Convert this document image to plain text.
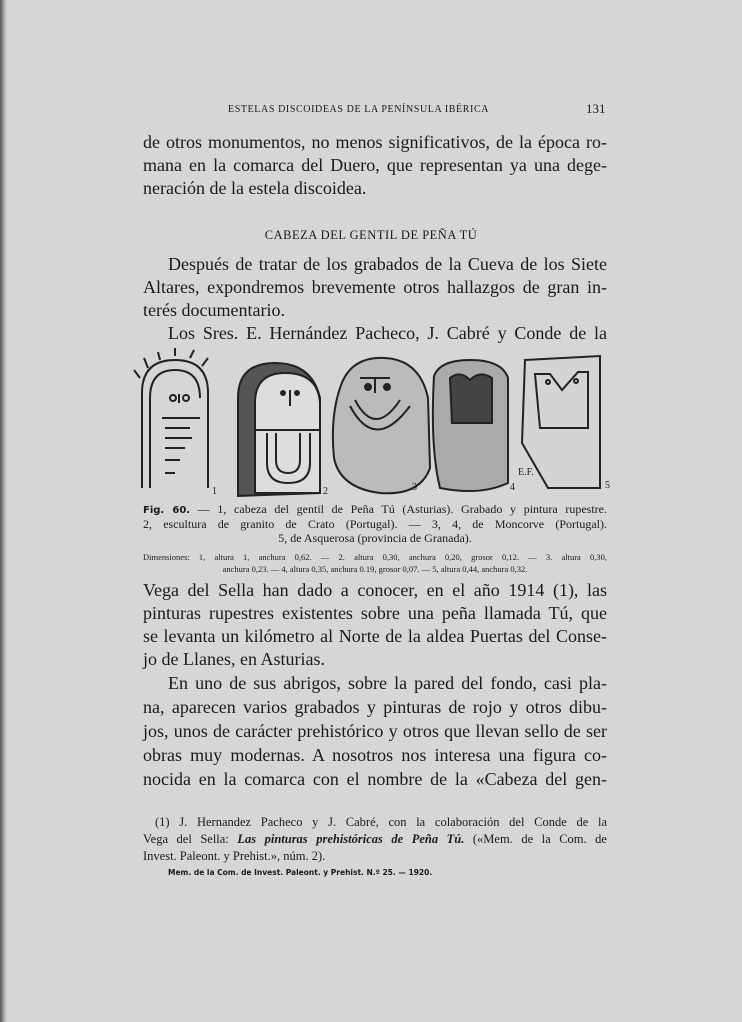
ESTELAS DISCOIDEAS DE LA PENÍNSULA IBÉRICA	131
de otros monumentos, no menos significativos, de la época ro-
mana en la comarca del Duero, que representan ya una dege-
neración de la estela discoidea.
CABEZA DEL GENTIL DE PEÑA TÚ
Después de tratar de los grabados de la Cueva de los Siete
Altares, expondremos brevemente otros hallazgos de gran in-
terés documentario.
Los Sres. E. Hernández Pacheco, J. Cabré y Conde de la
1	2	3	4	5
E.F.
Fig. 60. — 1, cabeza del gentil de Peña Tú (Asturias). Grabado y pintura rupestre.
2, escultura de granito de Crato (Portugal). — 3, 4, de Moncorve (Portugal).
5, de Asquerosa (provincia de Granada).
Dimensiones: 1, altura 1, anchura 0,62. — 2. altura 0,30, anchura 0,20, grosor 0,12. — 3. altura 0,30,
anchura 0,23. — 4, altura 0,35, anchura 0.19, grosor 0,07. — 5, altura 0,44, anchura 0,32.
Vega del Sella han dado a conocer, en el año 1914 (1), las
pinturas rupestres existentes sobre una peña llamada Tú, que
se levanta un kilómetro al Norte de la aldea Puertas del Conse-
jo de Llanes, en Asturias.
En uno de sus abrigos, sobre la pared del fondo, casi pla-
na, aparecen varios grabados y pinturas de rojo y otros dibu-
jos, unos de carácter prehistórico y otros que llevan sello de ser
obras muy modernas. A nosotros nos interesa una figura co-
nocida en la comarca con el nombre de la «Cabeza del gen-
(1) J. Hernandez Pacheco y J. Cabré, con la colaboración del Conde de la
Vega del Sella: Las pinturas prehistóricas de Peña Tú. («Mem. de la Com. de
Invest. Paleont. y Prehist.», núm. 2).
Mem. de la Com. de Invest. Paleont. y Prehist. N.º 25. — 1920.
